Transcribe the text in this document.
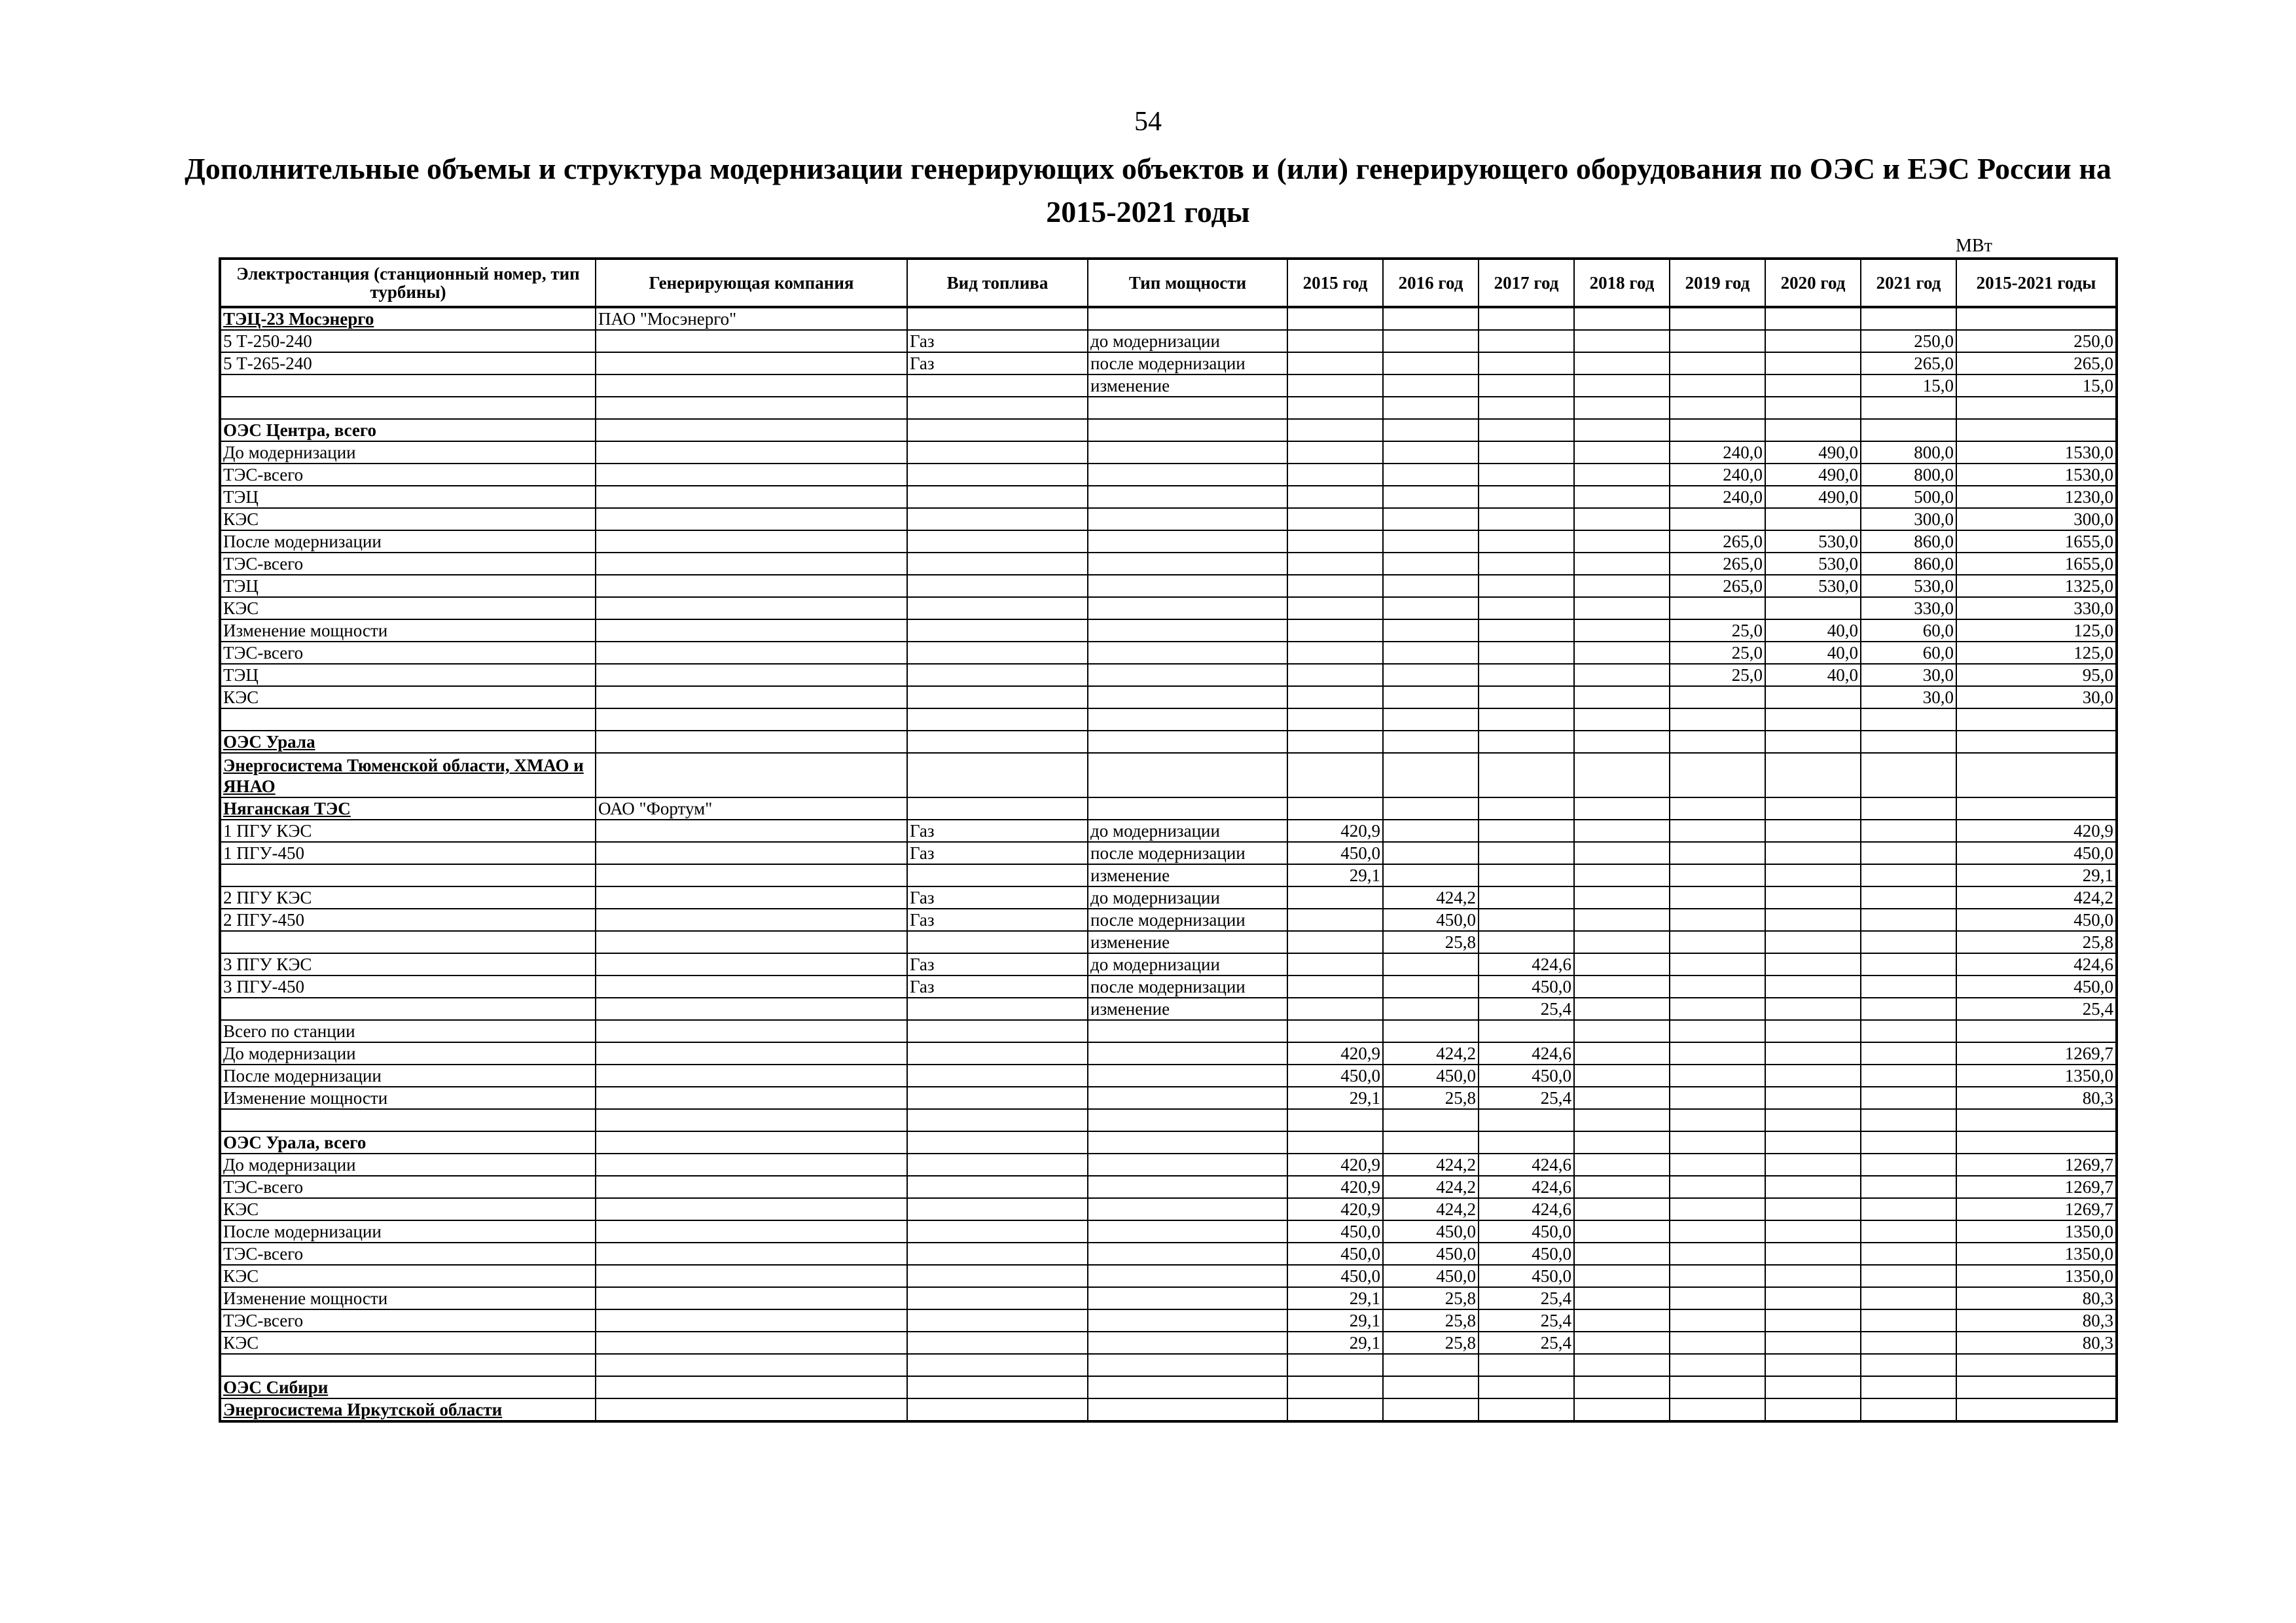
54
Дополнительные объемы и структура модернизации генерирующих объектов и (или) генерирующего оборудования по ОЭС и ЕЭС России на 2015-2021 годы
МВт
Электростанция (станционный номер, тип турбины)	Генерирующая компания	Вид топлива	Тип мощности	2015 год	2016 год	2017 год	2018 год	2019 год	2020 год	2021 год	2015-2021 годы
ТЭЦ-23 Мосэнерго	ПАО "Мосэнерго"										
5 Т-250-240		Газ	до модернизации							250,0	250,0
5 Т-265-240		Газ	после модернизации							265,0	265,0
			изменение							15,0	15,0

ОЭС Центра, всего											
До модернизации								240,0	490,0	800,0	1530,0
ТЭС-всего								240,0	490,0	800,0	1530,0
ТЭЦ								240,0	490,0	500,0	1230,0
КЭС										300,0	300,0
После модернизации								265,0	530,0	860,0	1655,0
ТЭС-всего								265,0	530,0	860,0	1655,0
ТЭЦ								265,0	530,0	530,0	1325,0
КЭС										330,0	330,0
Изменение мощности								25,0	40,0	60,0	125,0
ТЭС-всего								25,0	40,0	60,0	125,0
ТЭЦ								25,0	40,0	30,0	95,0
КЭС										30,0	30,0

ОЭС Урала											
Энергосистема Тюменской области, ХМАО и ЯНАО											
Няганская ТЭС	ОАО "Фортум"										
1 ПГУ КЭС		Газ	до модернизации	420,9							420,9
1 ПГУ-450		Газ	после модернизации	450,0							450,0
			изменение	29,1							29,1
2 ПГУ КЭС		Газ	до модернизации		424,2						424,2
2 ПГУ-450		Газ	после модернизации		450,0						450,0
			изменение		25,8						25,8
3 ПГУ КЭС		Газ	до модернизации			424,6					424,6
3 ПГУ-450		Газ	после модернизации			450,0					450,0
			изменение			25,4					25,4
Всего по станции											
До модернизации				420,9	424,2	424,6					1269,7
После модернизации				450,0	450,0	450,0					1350,0
Изменение мощности				29,1	25,8	25,4					80,3

ОЭС Урала, всего											
До модернизации				420,9	424,2	424,6					1269,7
ТЭС-всего				420,9	424,2	424,6					1269,7
КЭС				420,9	424,2	424,6					1269,7
После модернизации				450,0	450,0	450,0					1350,0
ТЭС-всего				450,0	450,0	450,0					1350,0
КЭС				450,0	450,0	450,0					1350,0
Изменение мощности				29,1	25,8	25,4					80,3
ТЭС-всего				29,1	25,8	25,4					80,3
КЭС				29,1	25,8	25,4					80,3

ОЭС Сибири											
Энергосистема Иркутской области											
